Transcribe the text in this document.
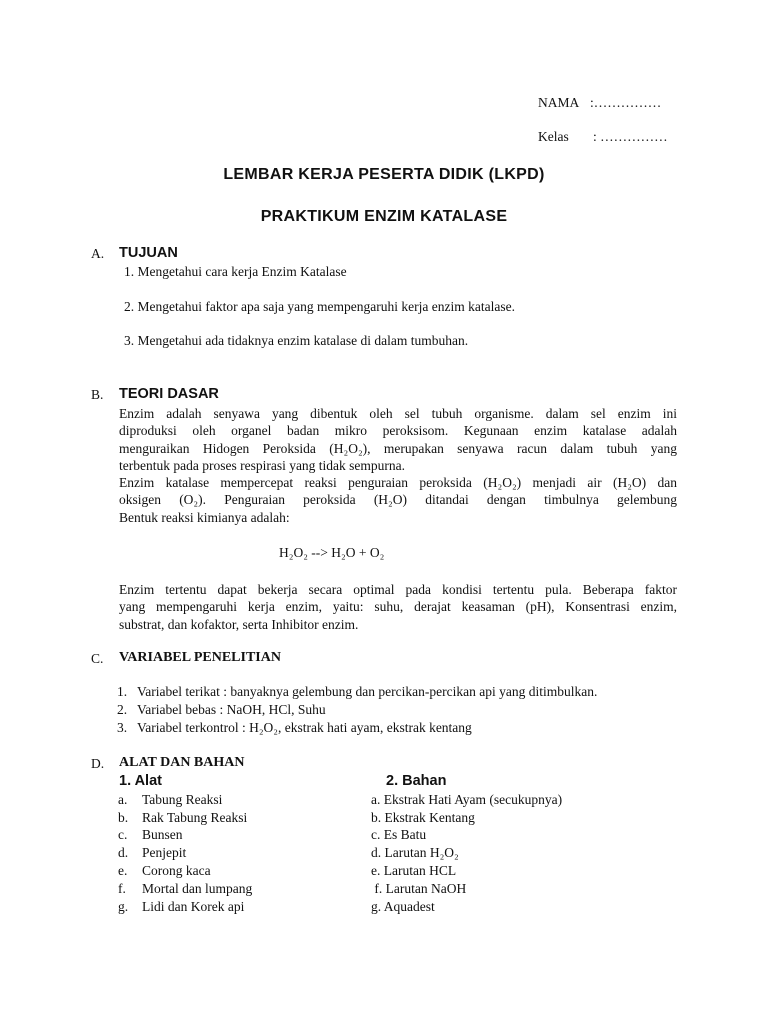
NAMA :……………
Kelas : ……………
LEMBAR KERJA PESERTA DIDIK (LKPD)
PRAKTIKUM ENZIM KATALASE
A. TUJUAN
1. Mengetahui cara kerja Enzim Katalase
2. Mengetahui faktor apa saja yang mempengaruhi kerja enzim katalase.
3. Mengetahui ada tidaknya enzim katalase di dalam tumbuhan.
B. TEORI DASAR
Enzim adalah senyawa yang dibentuk oleh sel tubuh organisme. dalam sel enzim ini
diproduksi oleh organel badan mikro peroksisom. Kegunaan enzim katalase adalah
menguraikan Hidogen Peroksida (H₂O₂), merupakan senyawa racun dalam tubuh yang
terbentuk pada proses respirasi yang tidak sempurna.
Enzim katalase mempercepat reaksi penguraian peroksida (H₂O₂) menjadi air (H₂O) dan
oksigen (O₂). Penguraian peroksida (H₂O) ditandai dengan timbulnya gelembung
Bentuk reaksi kimianya adalah:
H₂O₂ --> H₂O + O₂
Enzim tertentu dapat bekerja secara optimal pada kondisi tertentu pula. Beberapa faktor
yang mempengaruhi kerja enzim, yaitu: suhu, derajat keasaman (pH), Konsentrasi enzim,
substrat, dan kofaktor, serta Inhibitor enzim.
C. VARIABEL PENELITIAN
1. Variabel terikat : banyaknya gelembung dan percikan-percikan api yang ditimbulkan.
2. Variabel bebas : NaOH, HCl, Suhu
3. Variabel terkontrol : H₂O₂, ekstrak hati ayam, ekstrak kentang
D. ALAT DAN BAHAN
1. Alat	2. Bahan
a. Tabung Reaksi
b. Rak Tabung Reaksi
c. Bunsen
d. Penjepit
e. Corong kaca
f. Mortal dan lumpang
g. Lidi dan Korek api
a. Ekstrak Hati Ayam (secukupnya)
b. Ekstrak Kentang
c. Es Batu
d. Larutan H₂O₂
e. Larutan HCL
f. Larutan NaOH
g. Aquadest
